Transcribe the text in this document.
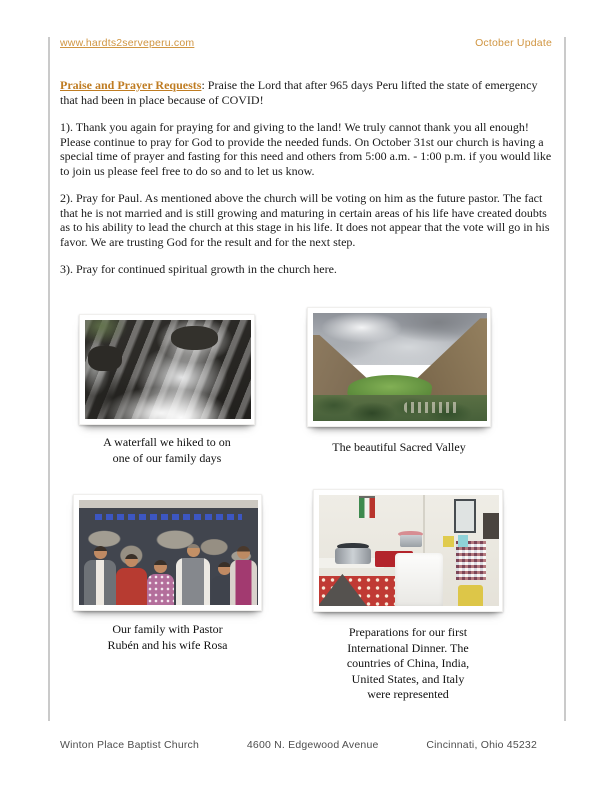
www.hardts2serveperu.com	October Update

Praise and Prayer Requests: Praise the Lord that after 965 days Peru lifted the state of emergency that had been in place because of COVID!

1). Thank you again for praying for and giving to the land! We truly cannot thank you all enough! Please continue to pray for God to provide the needed funds. On October 31st our church is having a special time of prayer and fasting for this need and others from 5:00 a.m. - 1:00 p.m. if you would like to join us please feel free to do so and to let us know.

2). Pray for Paul. As mentioned above the church will be voting on him as the future pastor. The fact that he is not married and is still growing and maturing in certain areas of his life have created doubts as to his ability to lead the church at this stage in his life. It does not appear that the vote will go in his favor. We are trusting God for the result and for the next step.

3). Pray for continued spiritual growth in the church here.

A waterfall we hiked to on
one of our family days
The beautiful Sacred Valley
Our family with Pastor
Rubén and his wife Rosa
Preparations for our first
International Dinner. The
countries of China, India,
United States, and Italy
were represented
Winton Place Baptist Church	4600 N. Edgewood Avenue	Cincinnati, Ohio 45232
